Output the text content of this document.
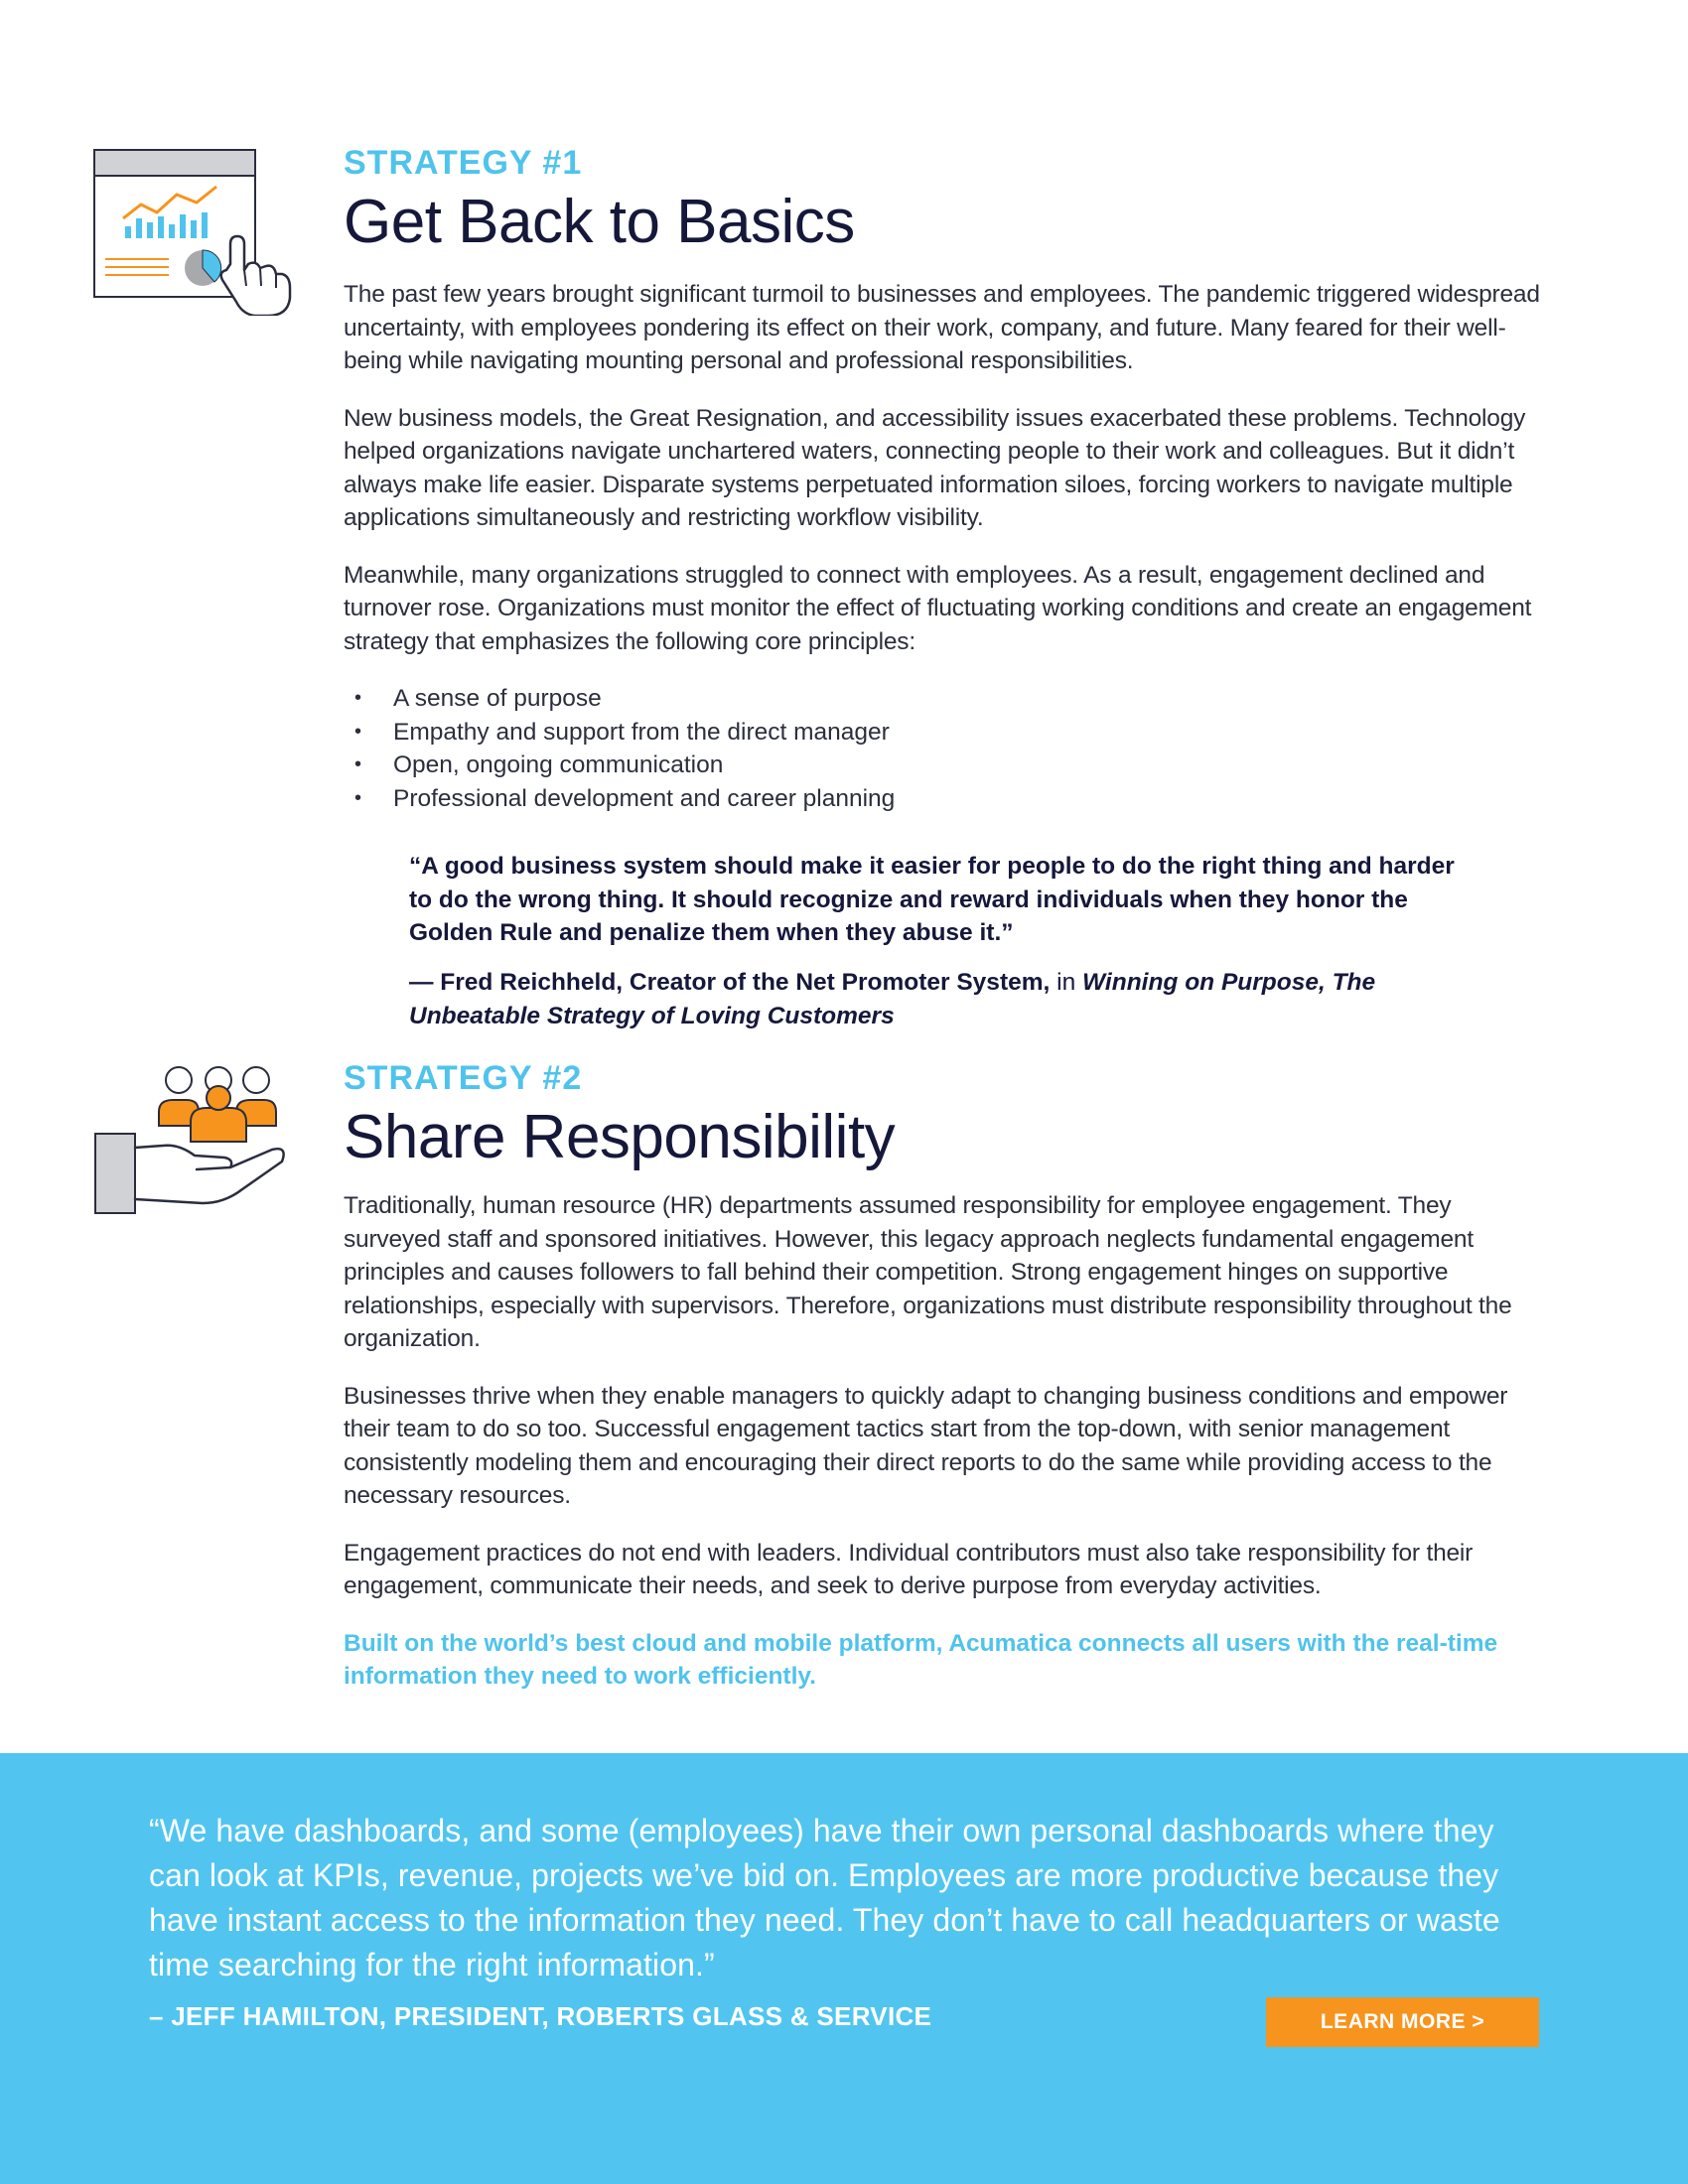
STRATEGY #1
Get Back to Basics

The past few years brought significant turmoil to businesses and employees. The pandemic triggered widespread uncertainty, with employees pondering its effect on their work, company, and future. Many feared for their well-being while navigating mounting personal and professional responsibilities.

New business models, the Great Resignation, and accessibility issues exacerbated these problems. Technology helped organizations navigate unchartered waters, connecting people to their work and colleagues. But it didn’t always make life easier. Disparate systems perpetuated information siloes, forcing workers to navigate multiple applications simultaneously and restricting workflow visibility.

Meanwhile, many organizations struggled to connect with employees. As a result, engagement declined and turnover rose. Organizations must monitor the effect of fluctuating working conditions and create an engagement strategy that emphasizes the following core principles:

• A sense of purpose
• Empathy and support from the direct manager
• Open, ongoing communication
• Professional development and career planning
“A good business system should make it easier for people to do the right thing and harder to do the wrong thing. It should recognize and reward individuals when they honor the Golden Rule and penalize them when they abuse it.”
— Fred Reichheld, Creator of the Net Promoter System, in Winning on Purpose, The Unbeatable Strategy of Loving Customers
STRATEGY #2
Share Responsibility

Traditionally, human resource (HR) departments assumed responsibility for employee engagement. They surveyed staff and sponsored initiatives. However, this legacy approach neglects fundamental engagement principles and causes followers to fall behind their competition. Strong engagement hinges on supportive relationships, especially with supervisors. Therefore, organizations must distribute responsibility throughout the organization.

Businesses thrive when they enable managers to quickly adapt to changing business conditions and empower their team to do so too. Successful engagement tactics start from the top-down, with senior management consistently modeling them and encouraging their direct reports to do the same while providing access to the necessary resources.

Engagement practices do not end with leaders. Individual contributors must also take responsibility for their engagement, communicate their needs, and seek to derive purpose from everyday activities.

Built on the world’s best cloud and mobile platform, Acumatica connects all users with the real-time information they need to work efficiently.
“We have dashboards, and some (employees) have their own personal dashboards where they can look at KPIs, revenue, projects we’ve bid on. Employees are more productive because they have instant access to the information they need. They don’t have to call headquarters or waste time searching for the right information.”
– JEFF HAMILTON, PRESIDENT, ROBERTS GLASS & SERVICE	LEARN MORE >
